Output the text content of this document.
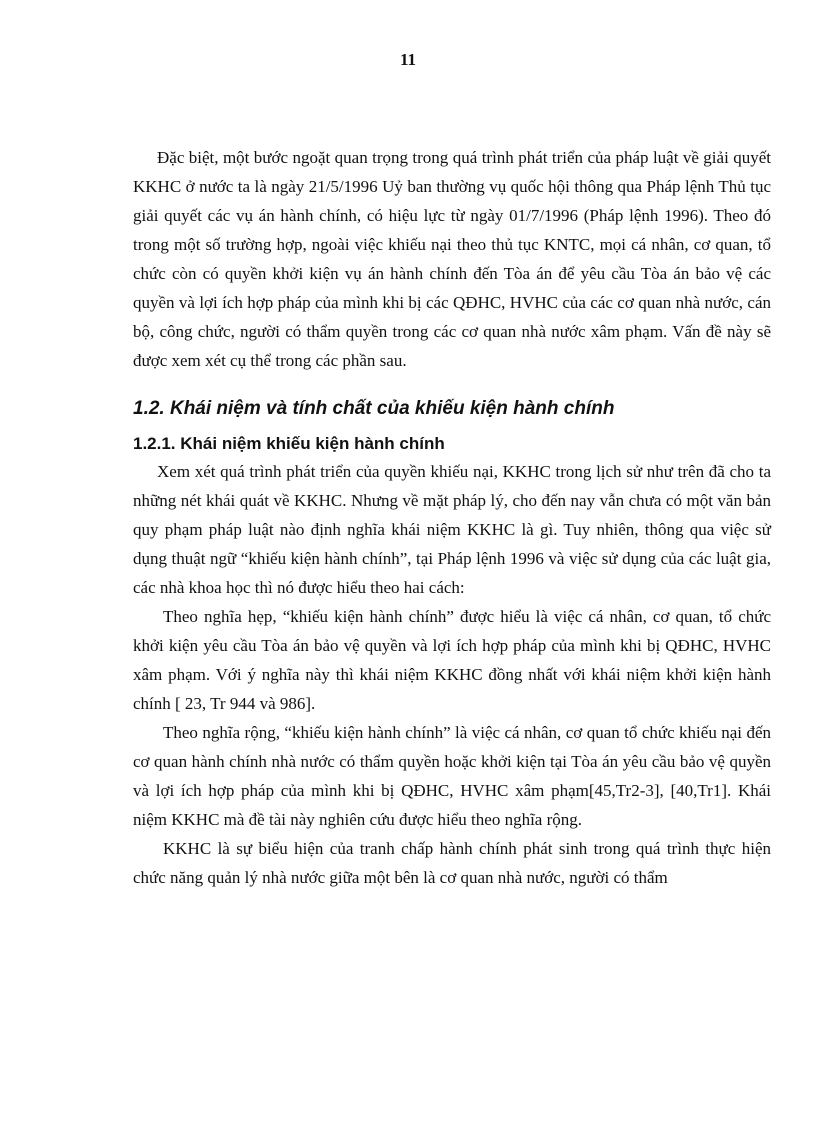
11

Đặc biệt, một bước ngoặt quan trọng trong quá trình phát triển của pháp luật về giải quyết KKHC ở nước ta là ngày 21/5/1996 Uỷ ban thường vụ quốc hội thông qua Pháp lệnh Thủ tục giải quyết các vụ án hành chính, có hiệu lực từ ngày 01/7/1996 (Pháp lệnh 1996). Theo đó trong một số trường hợp, ngoài việc khiếu nại theo thủ tục KNTC, mọi cá nhân, cơ quan, tổ chức còn có quyền khởi kiện vụ án hành chính đến Tòa án để yêu cầu Tòa án bảo vệ các quyền và lợi ích hợp pháp của mình khi bị các QĐHC, HVHC của các cơ quan nhà nước, cán bộ, công chức, người có thẩm quyền trong các cơ quan nhà nước xâm phạm. Vấn đề này sẽ được xem xét cụ thể trong các phần sau.

1.2. Khái niệm và tính chất của khiếu kiện hành chính
1.2.1. Khái niệm khiếu kiện hành chính

Xem xét quá trình phát triển của quyền khiếu nại, KKHC trong lịch sử như trên đã cho ta những nét khái quát về KKHC. Nhưng về mặt pháp lý, cho đến nay vẫn chưa có một văn bản quy phạm pháp luật nào định nghĩa khái niệm KKHC là gì. Tuy nhiên, thông qua việc sử dụng thuật ngữ “khiếu kiện hành chính”, tại Pháp lệnh 1996 và việc sử dụng của các luật gia, các nhà khoa học thì nó được hiểu theo hai cách:

Theo nghĩa hẹp, “khiếu kiện hành chính” được hiểu là việc cá nhân, cơ quan, tổ chức khởi kiện yêu cầu Tòa án bảo vệ quyền và lợi ích hợp pháp của mình khi bị QĐHC, HVHC xâm phạm. Với ý nghĩa này thì khái niệm KKHC đồng nhất với khái niệm khởi kiện hành chính [ 23, Tr 944 và 986].

Theo nghĩa rộng, “khiếu kiện hành chính” là việc cá nhân, cơ quan tổ chức khiếu nại đến cơ quan hành chính nhà nước có thẩm quyền hoặc khởi kiện tại Tòa án yêu cầu bảo vệ quyền và lợi ích hợp pháp của mình khi bị QĐHC, HVHC xâm phạm[45,Tr2-3], [40,Tr1]. Khái niệm KKHC mà đề tài này nghiên cứu được hiểu theo nghĩa rộng.

KKHC là sự biểu hiện của tranh chấp hành chính phát sinh trong quá trình thực hiện chức năng quản lý nhà nước giữa một bên là cơ quan nhà nước, người có thẩm
